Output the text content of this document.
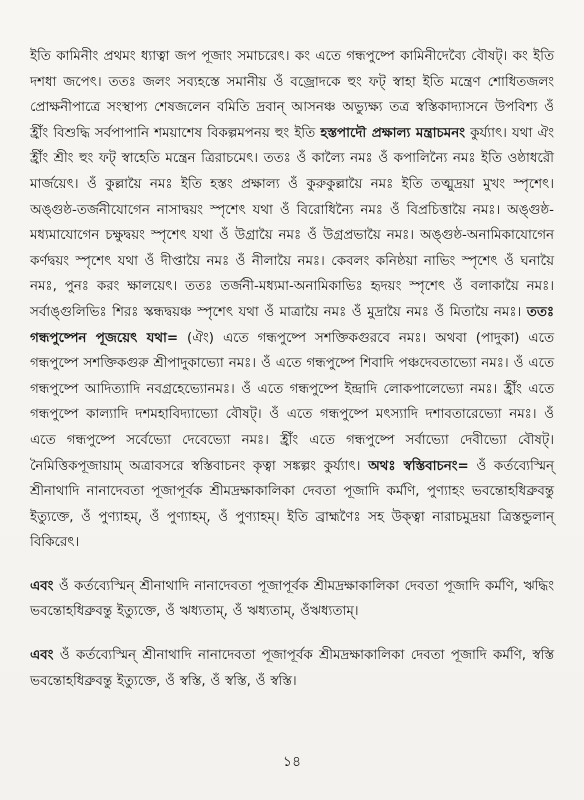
ইতি কামিনীং প্রথমং ধ্যাত্বা জপ পূজাং সমাচরেৎ। কং এতে গন্ধপুষ্পে কামিনীদেব্যৈ বৌষট্। কং ইতি দশধা জপেৎ। ততঃ জলং সব্যহস্তে সমানীয় ওঁ বজ্রোদকে হুং ফট্ স্বাহা ইতি মন্ত্রেণ শোধিতজলং প্রোক্ষনীপাত্রে সংস্থাপ্য শেষজলেন বমিতি দ্রবান্ আসনঞ্চ অভ্যুক্ষ্য তত্র স্বস্তিকাদ্যাসনে উপবিশ্য ওঁ হ্রীঁং বিশুদ্ধি সর্বপাপানি শময়াশেষ বিকল্পমপনয় হুং ইতি হস্তপাদৌ প্রক্ষাল্য মন্ত্রাচমনং কুর্য্যাৎ। যথা ঐং হ্রীঁং শ্রীং হুং ফট্ স্বাহেতি মন্ত্রেন ত্রিরাচমেৎ। ততঃ ওঁ কাল্যৈ নমঃ ওঁ কপালিন্যৈ নমঃ ইতি ওষ্ঠাধরৌ মার্জয়েৎ। ওঁ কুল্লায়ৈ নমঃ ইতি হস্তং প্রক্ষাল্য ওঁ কুরুকুল্লায়ৈ নমঃ ইতি তত্মুদ্রয়া মুখং স্পৃশেৎ। অঙ্গুষ্ঠ-তর্জনীযোগেন নাসাদ্বয়ং স্পৃশেৎ যথা ওঁ বিরোধিন্যৈ নমঃ ওঁ বিপ্রচিত্তায়ৈ নমঃ। অঙ্গুষ্ঠ-মধ্যমাযোগেন চক্ষুদ্বয়ং স্পৃশেৎ যথা ওঁ উগ্রায়ৈ নমঃ ওঁ উগ্রপ্রভায়ৈ নমঃ। অঙ্গুষ্ঠ-অনামিকাযোগেন কর্ণদ্বয়ং স্পৃশেৎ যথা ওঁ দীপ্তায়ৈ নমঃ ওঁ নীলায়ৈ নমঃ। কেবলং কনিষ্ঠয়া নাভিং স্পৃশেৎ ওঁ ঘনায়ৈ নমঃ, পুনঃ করং ক্ষালয়েৎ। ততঃ তর্জনী-মধ্যমা-অনামিকাভিঃ হৃদয়ং স্পৃশেৎ ওঁ বলাকায়ৈ নমঃ। সর্বাঙ্গুলিভিঃ শিরঃ স্কন্ধদ্বয়ঞ্চ স্পৃশেৎ যথা ওঁ মাত্রায়ৈ নমঃ ওঁ মুদ্রায়ৈ নমঃ ওঁ মিতায়ৈ নমঃ। ততঃ গন্ধপুষ্পেন পূজয়েৎ যথা= (ঐং) এতে গন্ধপুষ্পে সশক্তিকগুরবে নমঃ। অথবা (পাদুকা) এতে গন্ধপুষ্পে সশক্তিকগুরু শ্রীপাদুকাভ্যো নমঃ। ওঁ এতে গন্ধপুষ্পে শিবাদি পঞ্চদেবতাভ্যো নমঃ। ওঁ এতে গন্ধপুষ্পে আদিত্যাদি নবগ্রহেভ্যোনমঃ। ওঁ এতে গন্ধপুষ্পে ইন্দ্রাদি লোকপালেভ্যো নমঃ। হ্রীঁং এতে গন্ধপুষ্পে কাল্যাদি দশমহাবিদ্যাভ্যো বৌষট্। ওঁ এতে গন্ধপুষ্পে মৎস্যাদি দশাবতারেভ্যো নমঃ। ওঁ এতে গন্ধপুষ্পে সর্বেভ্যো দেবেভ্যো নমঃ। হ্রীঁং এতে গন্ধপুষ্পে সর্বাভ্যো দেবীভ্যো বৌষট্। নৈমিত্তিকপূজায়াম্ অত্রাবসরে স্বস্তিবাচনং কৃত্বা সঙ্কল্পং কুর্য্যাৎ। অথঃ স্বস্তিবাচনং= ওঁ কর্তব্যেস্মিন্ শ্রীনাথাদি নানাদেবতা পূজাপূর্বক শ্রীমদ্রক্ষাকালিকা দেবতা পূজাদি কর্মণি, পুণ্যাহং ভবন্তোহধিব্রুবন্তু ইত্যুক্তে, ওঁ পুণ্যাহম্, ওঁ পুণ্যাহম্, ওঁ পুণ্যাহম্। ইতি ব্রাহ্মণৈঃ সহ উক্ত্বা নারাচমুদ্রয়া ত্রিস্তন্ডুলান্ বিকিরেৎ।

এবং ওঁ কর্তব্যেস্মিন্ শ্রীনাথাদি নানাদেবতা পূজাপূর্বক শ্রীমদ্রক্ষাকালিকা দেবতা পূজাদি কর্মণি, ঋদ্ধিং ভবন্তোহধিব্রুবন্তু ইত্যুক্তে, ওঁ ঋধ্যতাম্, ওঁ ঋধ্যতাম্, ওঁঋধ্যতাম্।

এবং ওঁ কর্তব্যেস্মিন্ শ্রীনাথাদি নানাদেবতা পূজাপূর্বক শ্রীমদ্রক্ষাকালিকা দেবতা পূজাদি কর্মণি, স্বস্তি ভবন্তোহধিব্রুবন্তু ইত্যুক্তে, ওঁ স্বস্তি, ওঁ স্বস্তি, ওঁ স্বস্তি।

১৪
